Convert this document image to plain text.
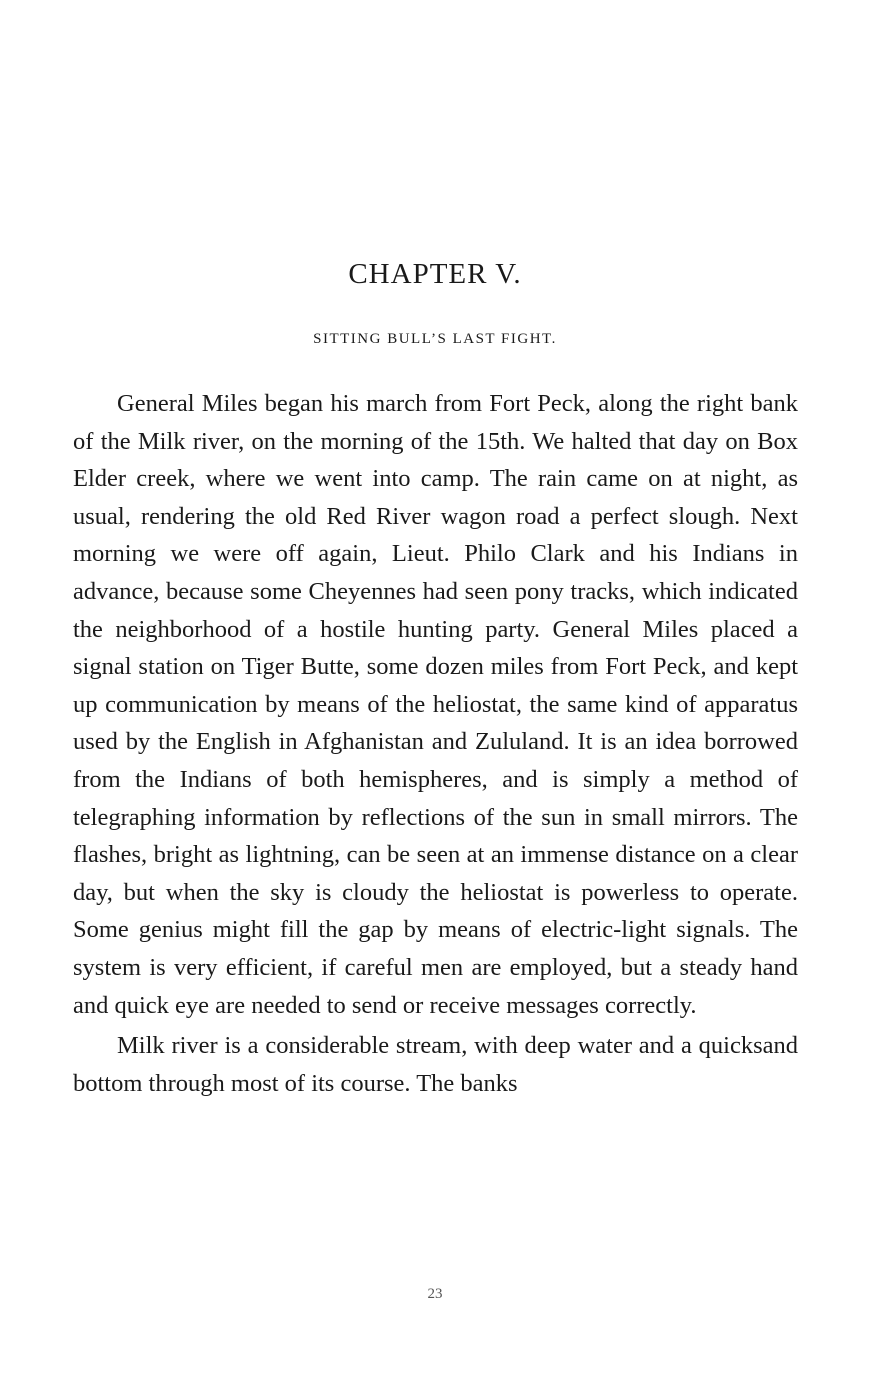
CHAPTER V.
SITTING BULL’S LAST FIGHT.

General Miles began his march from Fort Peck, along the right bank of the Milk river, on the morning of the 15th. We halted that day on Box Elder creek, where we went into camp. The rain came on at night, as usual, rendering the old Red River wagon road a perfect slough. Next morning we were off again, Lieut. Philo Clark and his Indians in advance, because some Cheyennes had seen pony tracks, which indicated the neighborhood of a hostile hunting party. General Miles placed a signal station on Tiger Butte, some dozen miles from Fort Peck, and kept up communication by means of the heliostat, the same kind of apparatus used by the English in Afghanistan and Zululand. It is an idea borrowed from the Indians of both hemispheres, and is simply a method of telegraphing information by reflections of the sun in small mirrors. The flashes, bright as lightning, can be seen at an immense distance on a clear day, but when the sky is cloudy the heliostat is powerless to operate. Some genius might fill the gap by means of electric-light signals. The system is very efficient, if careful men are employed, but a steady hand and quick eye are needed to send or receive messages correctly.

Milk river is a considerable stream, with deep water and a quicksand bottom through most of its course. The banks

23
